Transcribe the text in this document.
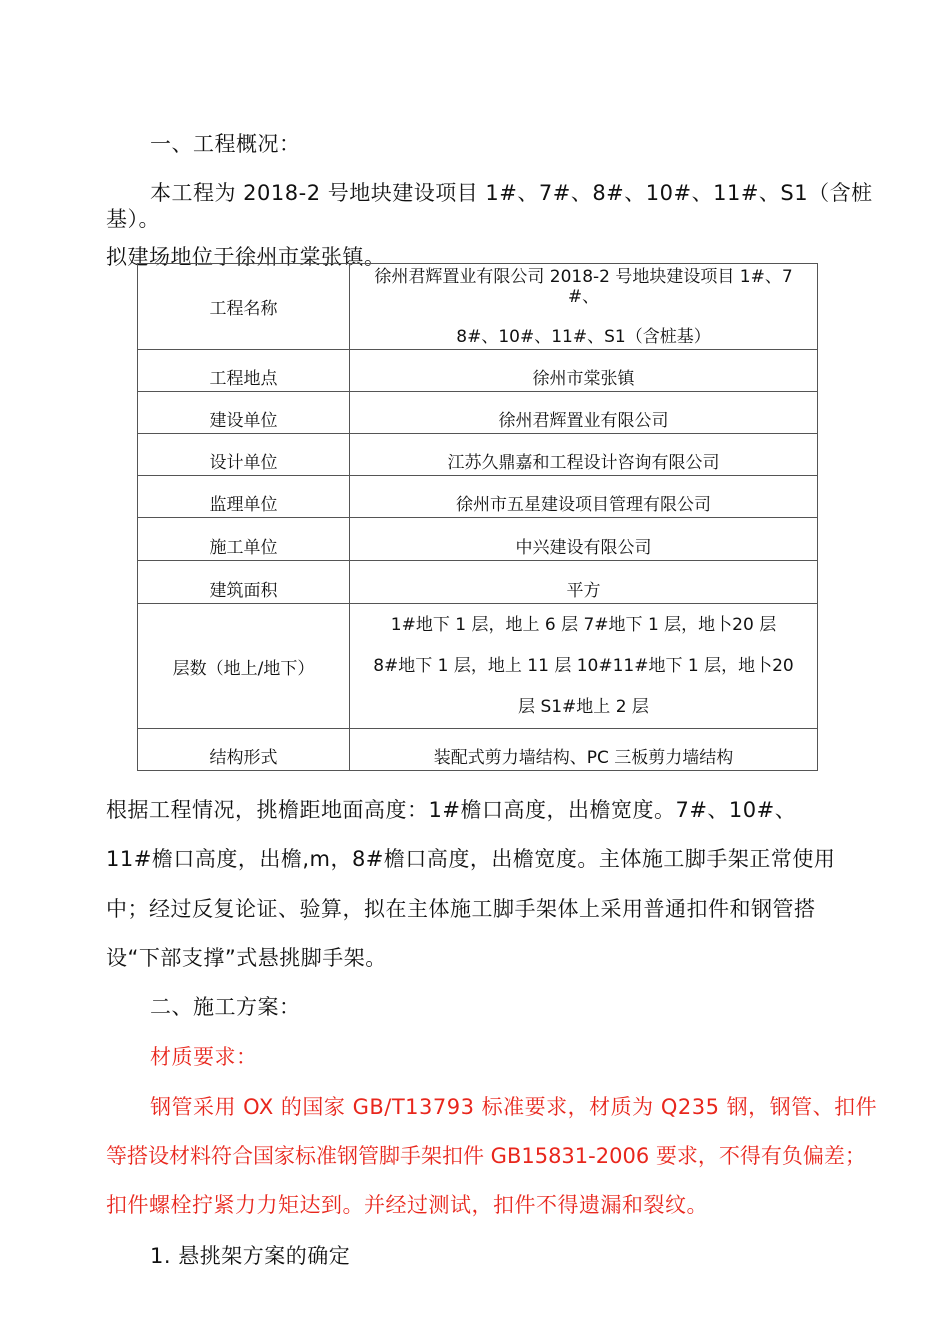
一、工程概况：
本工程为 2018-2 号地块建设项目 1#、7#、8#、10#、11#、S1（含桩
基）。
拟建场地位于徐州市棠张镇。
工程名称	徐州君辉置业有限公司 2018-2 号地块建设项目 1#、7
#、
8#、10#、11#、S1（含桩基）

工程地点	徐州市棠张镇

建设单位	徐州君辉置业有限公司

设计单位	江苏久鼎嘉和工程设计咨询有限公司

监理单位	徐州市五星建设项目管理有限公司

施工单位	中兴建设有限公司

建筑面积	平方

层数（地上/地下）	1#地下 1 层，地上 6 层 7#地下 1 层，地卜20 层
8#地下 1 层，地上 11 层 10#11#地下 1 层，地卜20
层 S1#地上 2 层

结构形式	装配式剪力墙结构、PC 三板剪力墙结构
根据工程情况，挑檐距地面高度：1#檐口高度，出檐宽度。7#、10#、
11#檐口高度，出檐,m，8#檐口高度，出檐宽度。主体施工脚手架正常使用
中；经过反复论证、验算，拟在主体施工脚手架体上采用普通扣件和钢管搭
设“下部支撑”式悬挑脚手架。
二、施工方案：
材质要求：
钢管采用 OX 的国家 GB/T13793 标准要求，材质为 Q235 钢，钢管、扣件
等搭设材料符合国家标准钢管脚手架扣件 GB15831-2006 要求，不得有负偏差；
扣件螺栓拧紧力力矩达到。并经过测试，扣件不得遗漏和裂纹。
1. 悬挑架方案的确定
